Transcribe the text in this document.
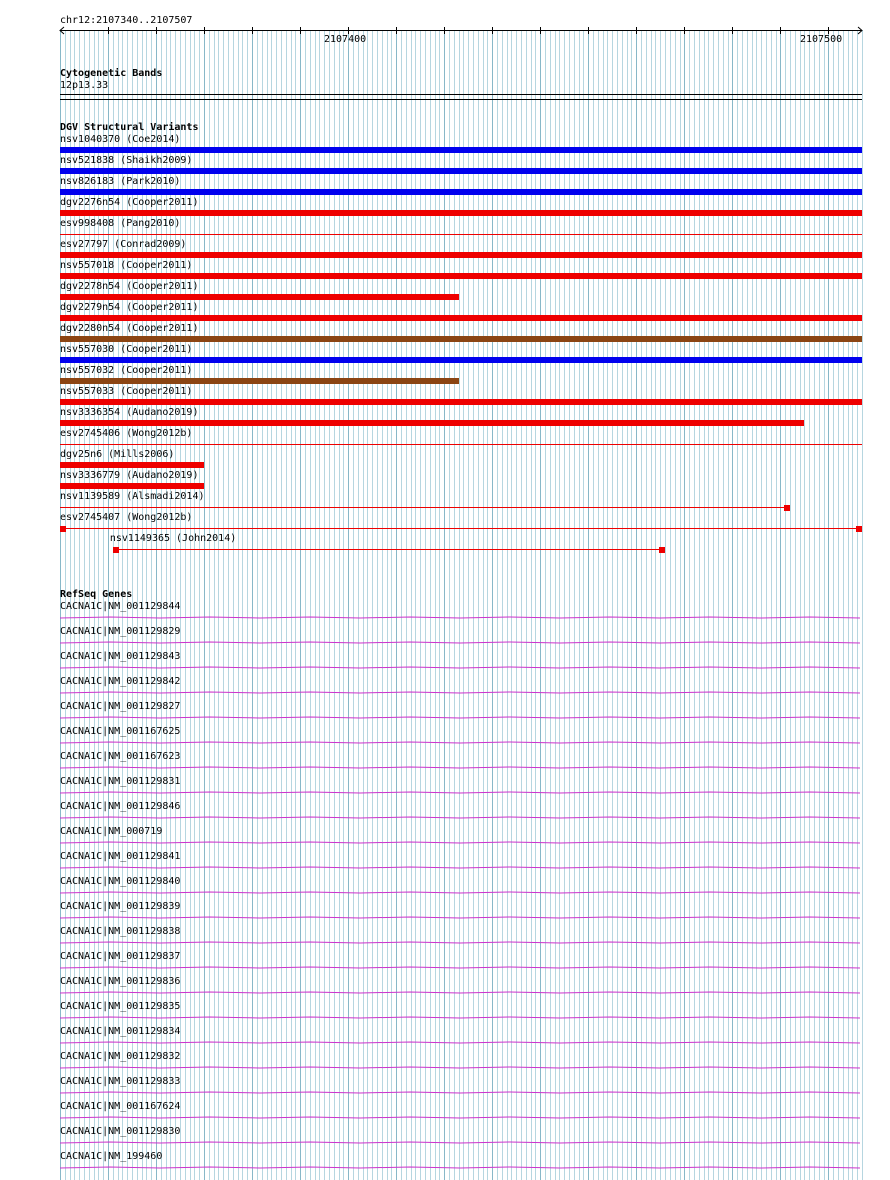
chr12:2107340..2107507
2107400	2107500
Cytogenetic Bands
12p13.33
DGV Structural Variants
nsv1040370 (Coe2014)
nsv521838 (Shaikh2009)
nsv826183 (Park2010)
dgv2276n54 (Cooper2011)
esv998408 (Pang2010)
esv27797 (Conrad2009)
nsv557018 (Cooper2011)
dgv2278n54 (Cooper2011)
dgv2279n54 (Cooper2011)
dgv2280n54 (Cooper2011)
nsv557030 (Cooper2011)
nsv557032 (Cooper2011)
nsv557033 (Cooper2011)
nsv3336354 (Audano2019)
esv2745406 (Wong2012b)
dgv25n6 (Mills2006)
nsv3336779 (Audano2019)
nsv1139589 (Alsmadi2014)
esv2745407 (Wong2012b)
nsv1149365 (John2014)
RefSeq Genes
CACNA1C|NM_001129844
CACNA1C|NM_001129829
CACNA1C|NM_001129843
CACNA1C|NM_001129842
CACNA1C|NM_001129827
CACNA1C|NM_001167625
CACNA1C|NM_001167623
CACNA1C|NM_001129831
CACNA1C|NM_001129846
CACNA1C|NM_000719
CACNA1C|NM_001129841
CACNA1C|NM_001129840
CACNA1C|NM_001129839
CACNA1C|NM_001129838
CACNA1C|NM_001129837
CACNA1C|NM_001129836
CACNA1C|NM_001129835
CACNA1C|NM_001129834
CACNA1C|NM_001129832
CACNA1C|NM_001129833
CACNA1C|NM_001167624
CACNA1C|NM_001129830
CACNA1C|NM_199460
